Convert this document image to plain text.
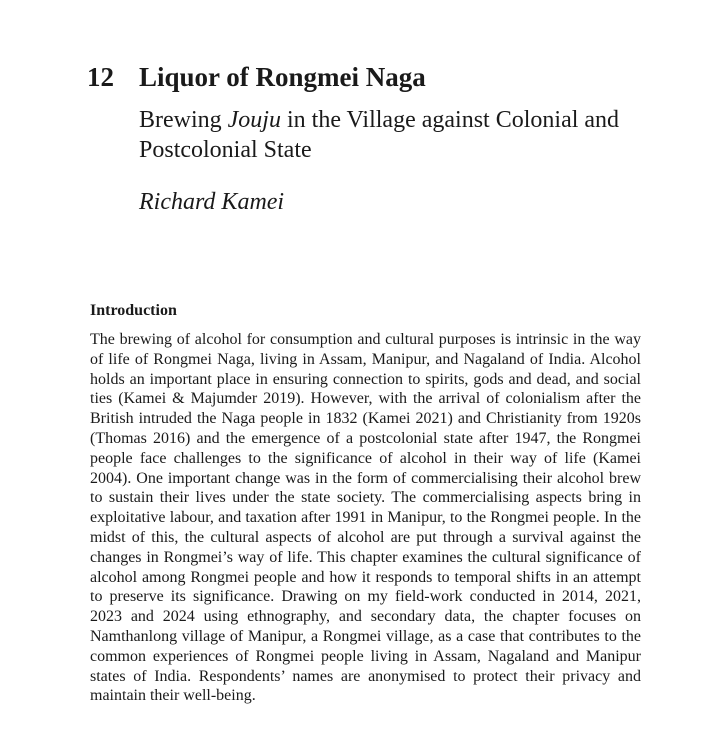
12 Liquor of Rongmei Naga
Brewing Jouju in the Village against Colonial and Postcolonial State
Richard Kamei
Introduction

The brewing of alcohol for consumption and cultural purposes is intrinsic in the way of life of Rongmei Naga, living in Assam, Manipur, and Nagaland of India. Alcohol holds an important place in ensuring connection to spirits, gods and dead, and social ties (Kamei & Majumder 2019). However, with the arrival of colonialism after the British intruded the Naga people in 1832 (Kamei 2021) and Christianity from 1920s (Thomas 2016) and the emergence of a postcolonial state after 1947, the Rongmei people face challenges to the significance of alcohol in their way of life (Kamei 2004). One important change was in the form of commercialising their alcohol brew to sustain their lives under the state society. The commercialising aspects bring in exploitative labour, and taxation after 1991 in Manipur, to the Rongmei people. In the midst of this, the cultural aspects of alcohol are put through a survival against the changes in Rongmei’s way of life. This chapter examines the cultural significance of alcohol among Rongmei people and how it responds to temporal shifts in an attempt to preserve its significance. Drawing on my field-work conducted in 2014, 2021, 2023 and 2024 using ethnography, and secondary data, the chapter focuses on Namthanlong village of Manipur, a Rongmei village, as a case that contributes to the common experiences of Rongmei people living in Assam, Nagaland and Manipur states of India. Respondents’ names are anonymised to protect their privacy and maintain their well-being.
